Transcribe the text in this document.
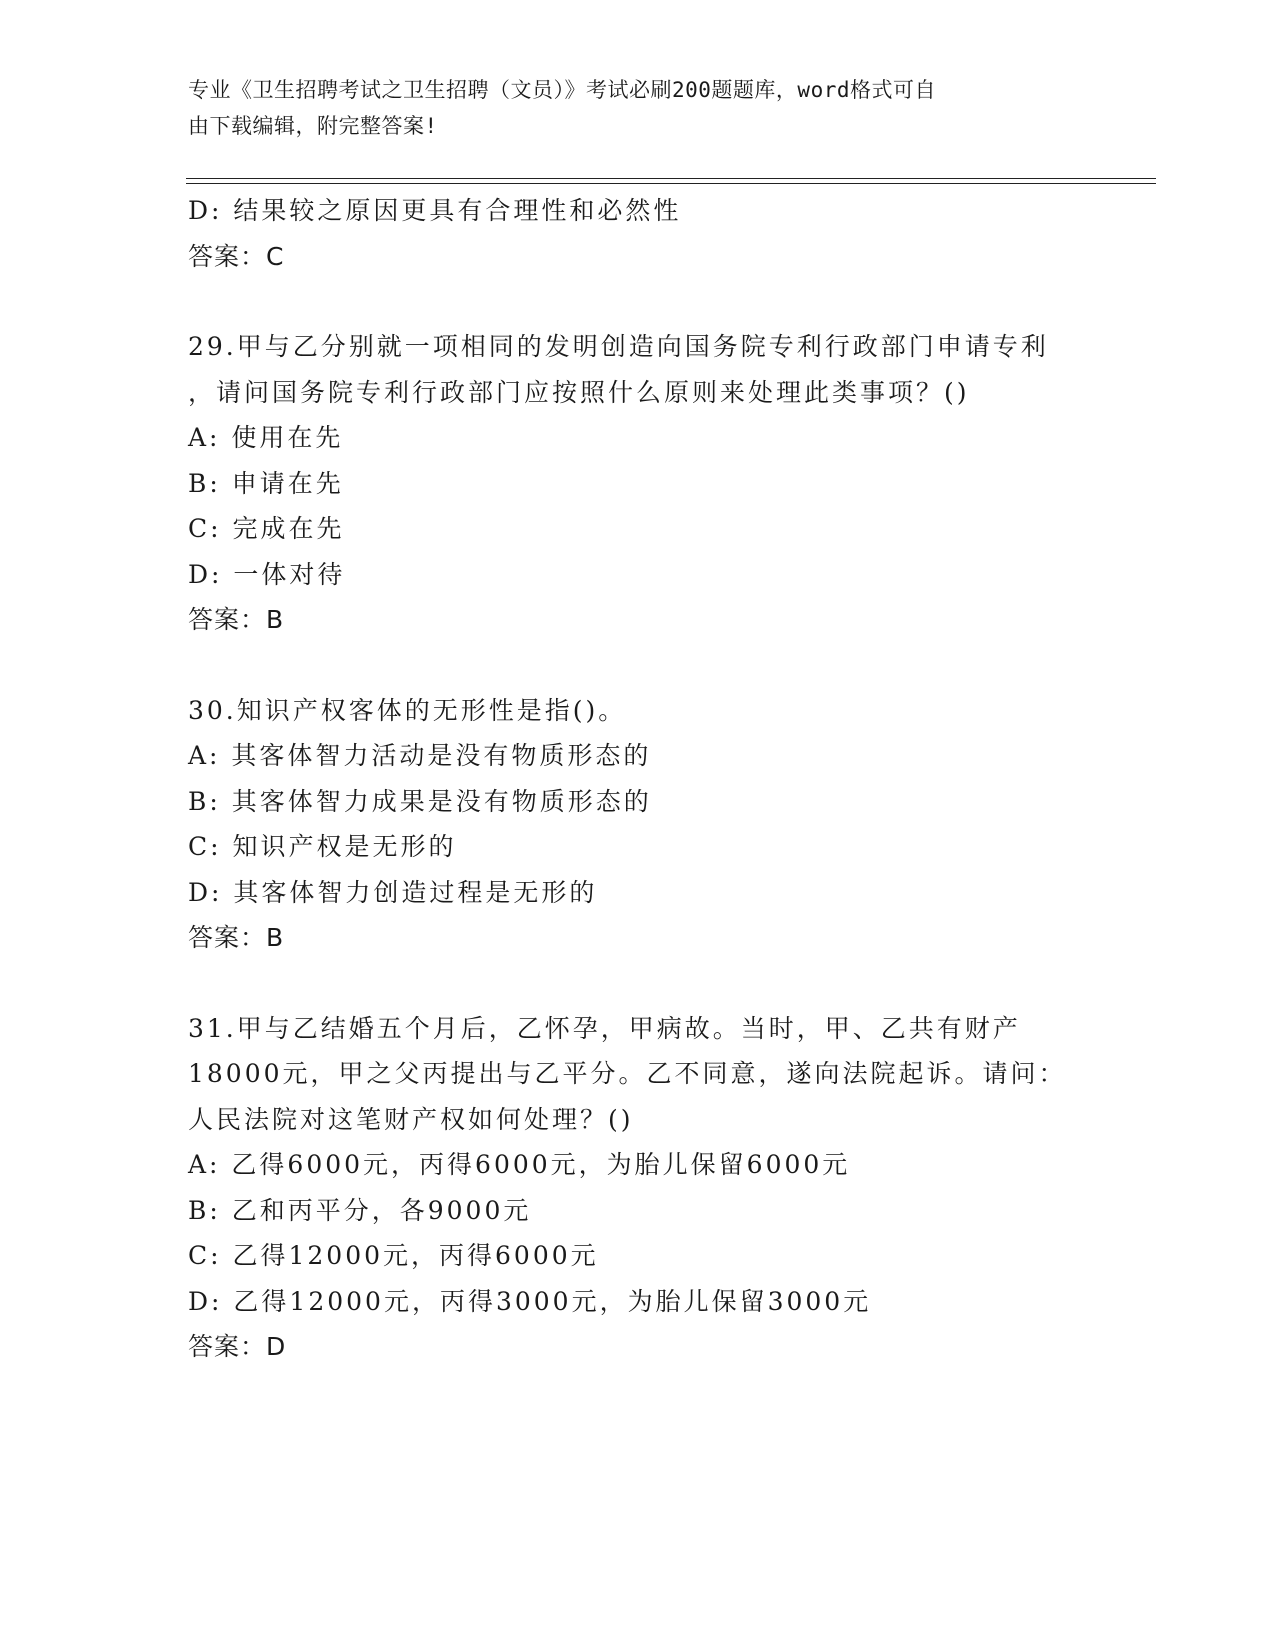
专业《卫生招聘考试之卫生招聘（文员）》考试必刷200题题库，word格式可自
由下载编辑，附完整答案!
D: 结果较之原因更具有合理性和必然性
答案：C
29.甲与乙分别就一项相同的发明创造向国务院专利行政部门申请专利
，请问国务院专利行政部门应按照什么原则来处理此类事项？()
A: 使用在先
B: 申请在先
C: 完成在先
D: 一体对待
答案：B
30.知识产权客体的无形性是指()。
A: 其客体智力活动是没有物质形态的
B: 其客体智力成果是没有物质形态的
C: 知识产权是无形的
D: 其客体智力创造过程是无形的
答案：B
31.甲与乙结婚五个月后，乙怀孕，甲病故。当时，甲、乙共有财产
18000元，甲之父丙提出与乙平分。乙不同意，遂向法院起诉。请问：
人民法院对这笔财产权如何处理？()
A: 乙得6000元，丙得6000元，为胎儿保留6000元
B: 乙和丙平分，各9000元
C: 乙得12000元，丙得6000元
D: 乙得12000元，丙得3000元，为胎儿保留3000元
答案：D
